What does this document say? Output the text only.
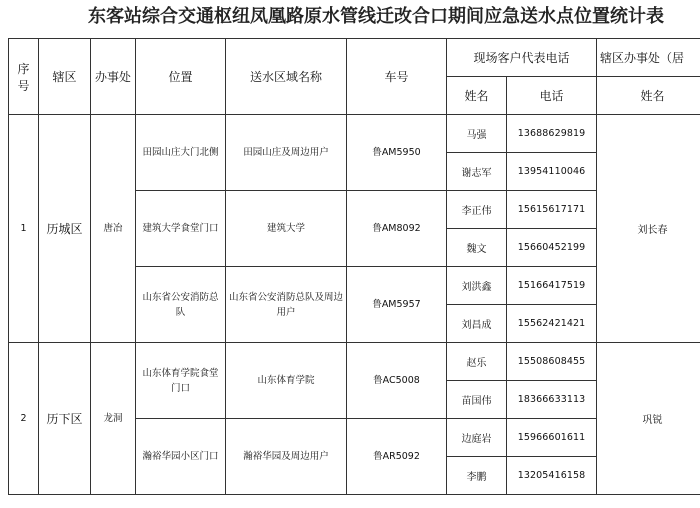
东客站综合交通枢纽凤凰路原水管线迁改合口期间应急送水点位置统计表
序号	辖区	办事处	位置	送水区域名称	车号	现场客户代表电话		辖区办事处（居
						姓名	电话	姓名
1	历城区	唐冶	田园山庄大门北侧	田园山庄及周边用户	鲁AM5950	马强	13688629819	刘长春
						谢志军	13954110046	
			建筑大学食堂门口	建筑大学	鲁AM8092	李正伟	15615617171	
						魏文	15660452199	
			山东省公安消防总队	山东省公安消防总队及周边用户	鲁AM5957	刘洪鑫	15166417519	
						刘昌成	15562421421	
2	历下区	龙洞	山东体育学院食堂门口	山东体育学院	鲁AC5008	赵乐	15508608455	巩锐
						苗国伟	18366633113	
			瀚裕华园小区门口	瀚裕华园及周边用户	鲁AR5092	边庭岩	15966601611	
						李鹏	13205416158	
